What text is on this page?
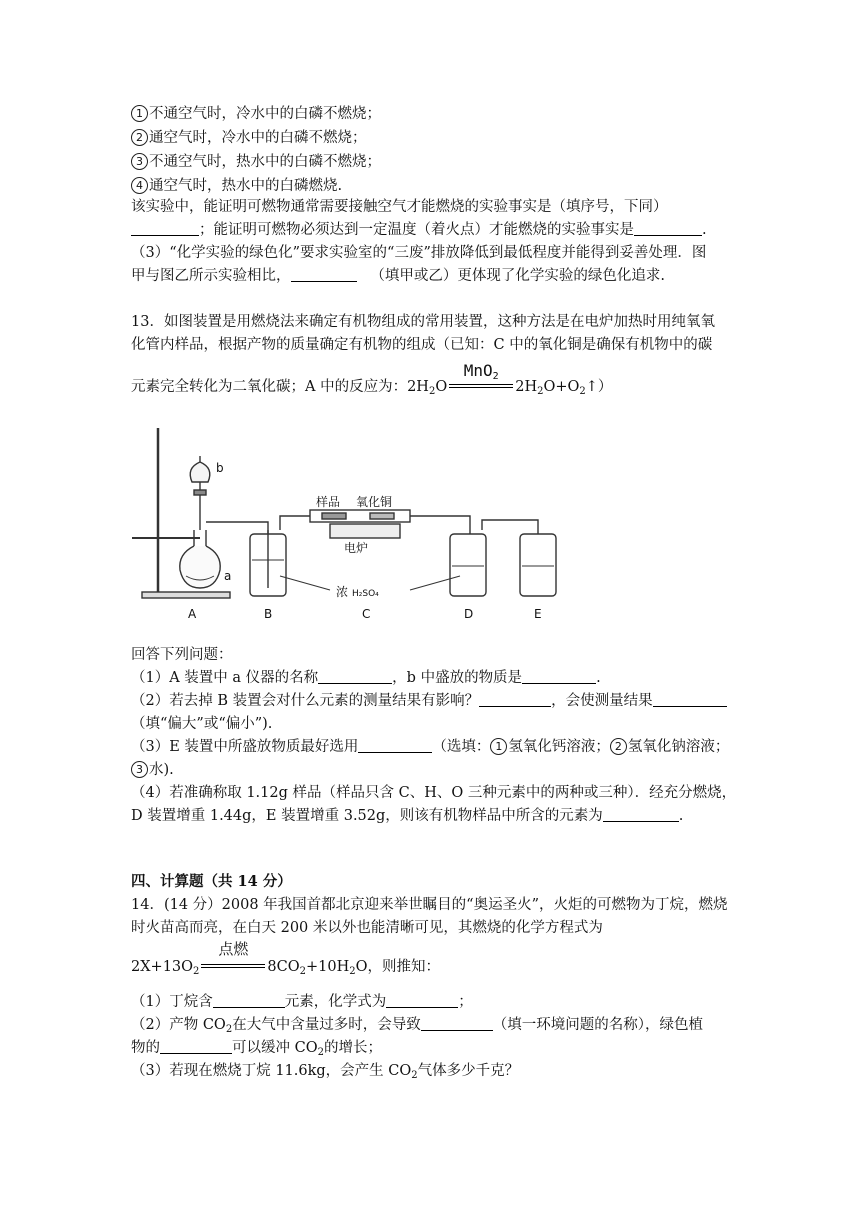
1 不通空气时，冷水中的白磷不燃烧；
2 通空气时，冷水中的白磷不燃烧；
3 不通空气时，热水中的白磷不燃烧；
4 通空气时，热水中的白磷燃烧.
该实验中，能证明可燃物通常需要接触空气才能燃烧的实验事实是（填序号，下同）
；能证明可燃物必须达到一定温度（着火点）才能燃烧的实验事实是	.
（3）“化学实验的绿色化”要求实验室的“三废”排放降低到最低程度并能得到妥善处理．图
甲与图乙所示实验相比，	（填甲或乙）更体现了化学实验的绿色化追求.
13．如图装置是用燃烧法来确定有机物组成的常用装置，这种方法是在电炉加热时用纯氧氧
化管内样品，根据产物的质量确定有机物的组成（已知：C 中的氧化铜是确保有机物中的碳
元素完全转化为二氧化碳；A 中的反应为：$2H_2O$
MnO$_2$
$2H_2O+O_2↑$）
b
a
样品 氧化铜
电炉
浓 H₂SO₄
A	B	C	D	E
回答下列问题：
（1）A 装置中 a 仪器的名称	，b 中盛放的物质是	.
（2）若去掉 B 装置会对什么元素的测量结果有影响？	，会使测量结果
（填“偏大”或“偏小”).
（3）E 装置中所盛放物质最好选用	（选填： 1 氢氧化钙溶液； 2 氢氧化钠溶液；
3 水).
（4）若准确称取 1.12g 样品（样品只含 C、H、O 三种元素中的两种或三种）．经充分燃烧，
D 装置增重 1.44g，E 装置增重 3.52g，则该有机物样品中所含的元素为	.
四、计算题（共 14 分）
14．(14 分）2008 年我国首都北京迎来举世瞩目的“奥运圣火”，火炬的可燃物为丁烷，燃烧
时火苗高而亮，在白天 200 米以外也能清晰可见，其燃烧的化学方程式为
$2X+13O_2$
点燃
$8CO_2+10H_2O$，则推知：
（1）丁烷含	元素，化学式为	；
（2）产物 $CO_2$在大气中含量过多时，会导致	（填一环境问题的名称），绿色植
物的	可以缓冲 $CO_2$的增长；
（3）若现在燃烧丁烷 11.6kg，会产生 $CO_2$气体多少千克？
